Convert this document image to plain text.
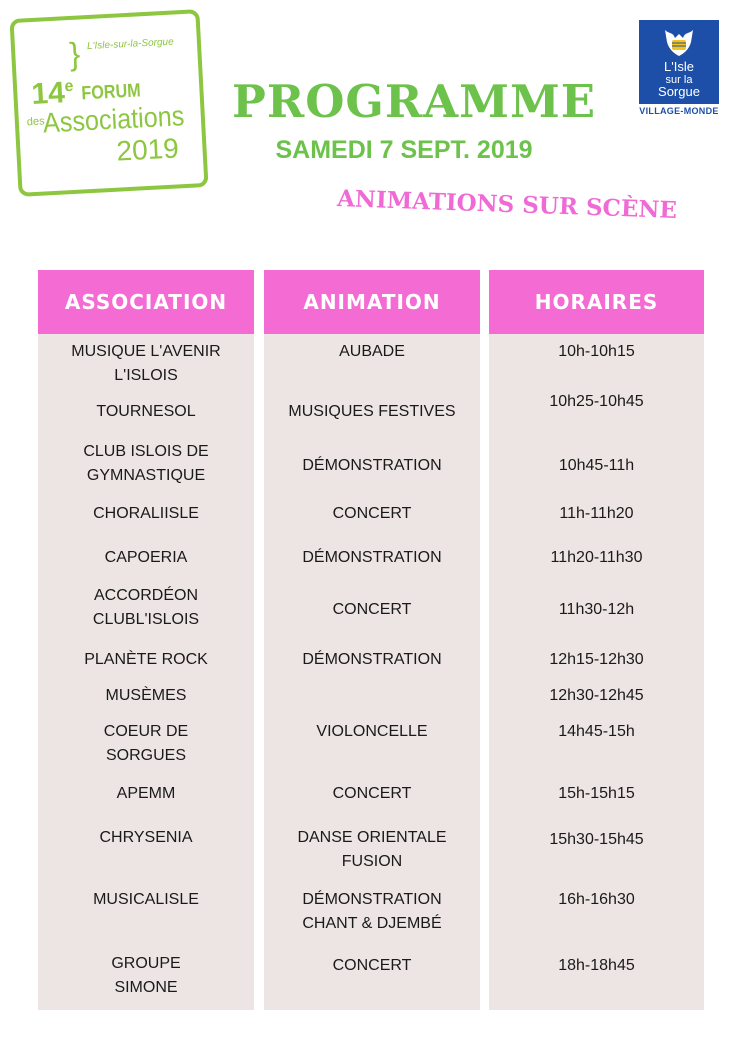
} L'Isle-sur-la-Sorgue
14e FORUM
des
Associations
2019
L'Isle
sur la
Sorgue
VILLAGE-MONDE
PROGRAMME
SAMEDI 7 SEPT. 2019
ANIMATIONS SUR SCÈNE
ASSOCIATION
MUSIQUE L'AVENIR
L'ISLOIS
TOURNESOL
CLUB ISLOIS DE
GYMNASTIQUE
CHORALIISLE
CAPOERIA
ACCORDÉON
CLUBL'ISLOIS
PLANÈTE ROCK
MUSÈMES
COEUR DE
SORGUES
APEMM
CHRYSENIA
MUSICALISLE
GROUPE
SIMONE
ANIMATION
AUBADE
MUSIQUES FESTIVES
DÉMONSTRATION
CONCERT
DÉMONSTRATION
CONCERT
DÉMONSTRATION
VIOLONCELLE
CONCERT
DANSE ORIENTALE
FUSION
DÉMONSTRATION
CHANT & DJEMBÉ
CONCERT
HORAIRES
10h-10h15
10h25-10h45
10h45-11h
11h-11h20
11h20-11h30
11h30-12h
12h15-12h30
12h30-12h45
14h45-15h
15h-15h15
15h30-15h45
16h-16h30
18h-18h45
